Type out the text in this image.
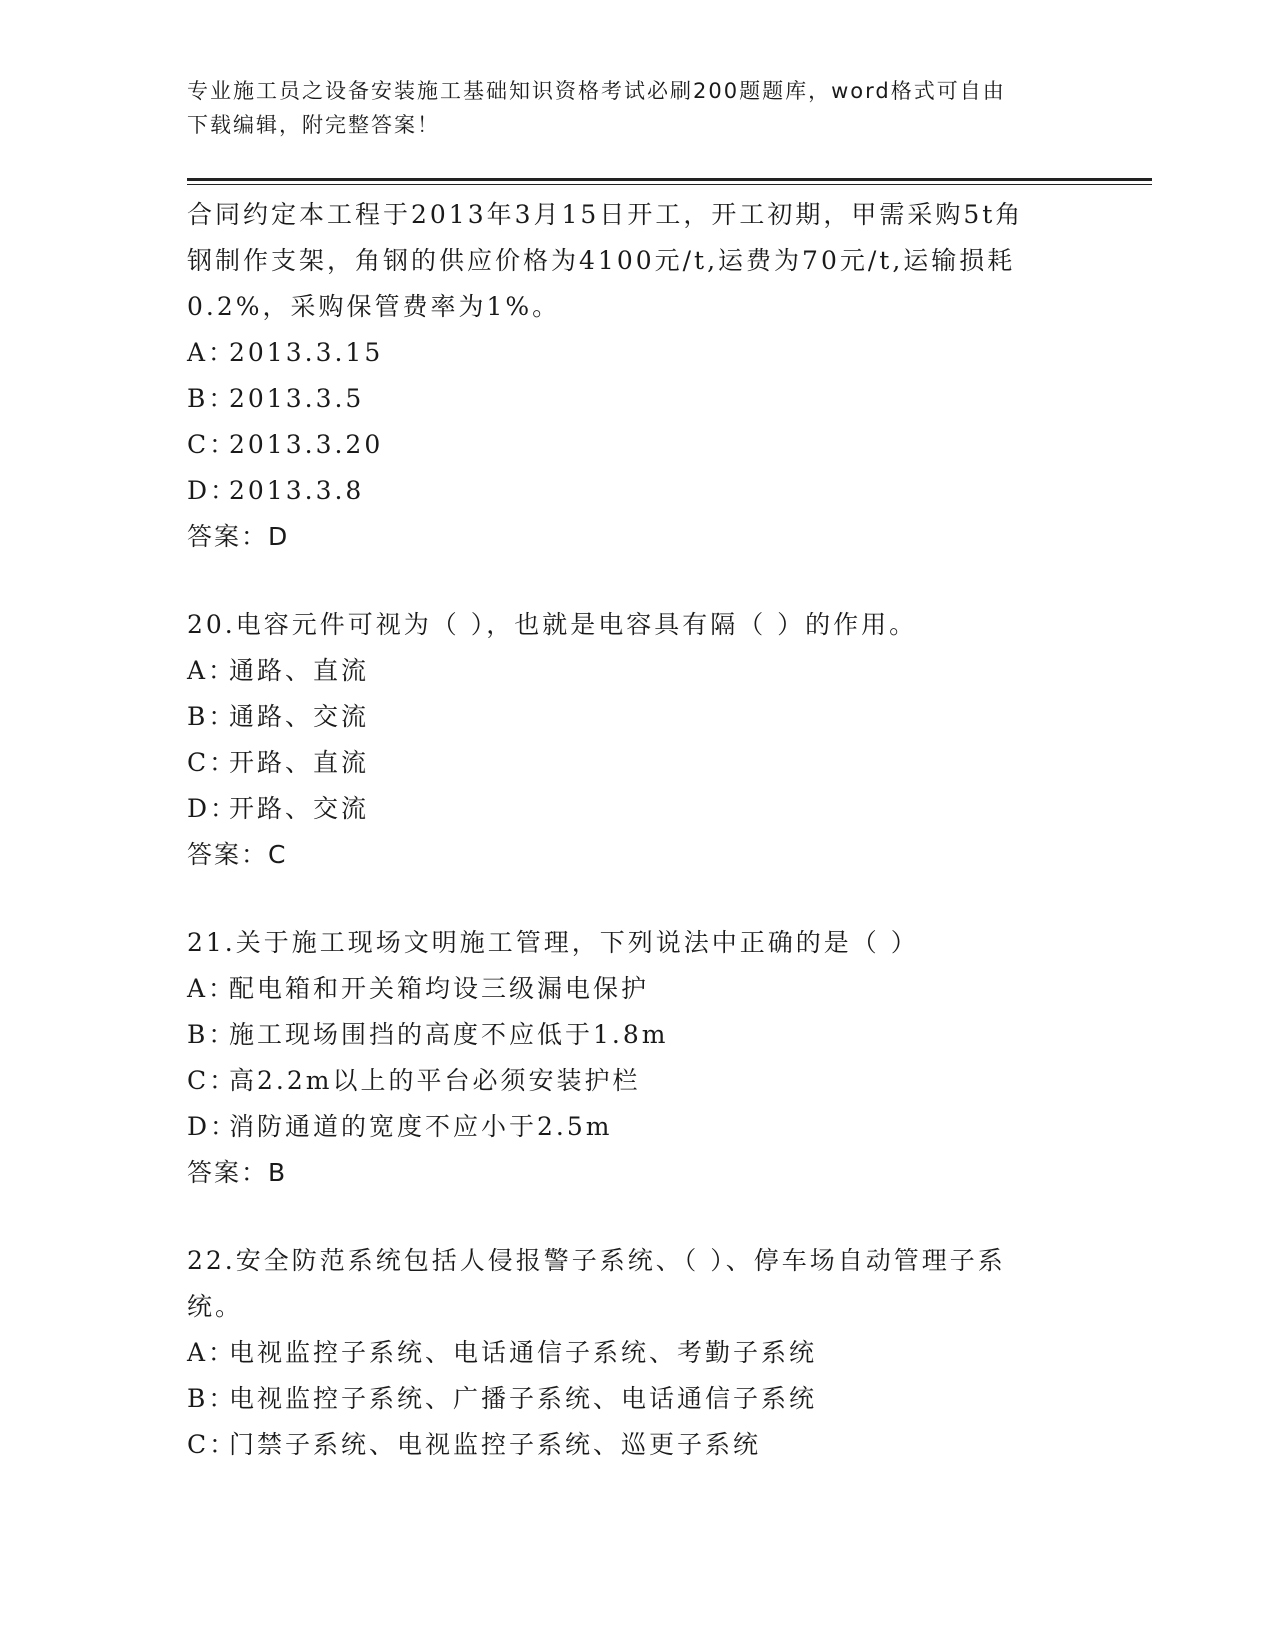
专业施工员之设备安装施工基础知识资格考试必刷200题题库，word格式可自由
下载编辑，附完整答案！
合同约定本工程于2013年3月15日开工，开工初期，甲需采购5t角
钢制作支架，角钢的供应价格为4100元/t,运费为70元/t,运输损耗
0.2%，采购保管费率为1%。
A：2013.3.15
B：2013.3.5
C：2013.3.20
D：2013.3.8
答案：D
20.电容元件可视为（ ），也就是电容具有隔（ ）的作用。
A：通路、直流
B：通路、交流
C：开路、直流
D：开路、交流
答案：C
21.关于施工现场文明施工管理，下列说法中正确的是（ ）
A：配电箱和开关箱均设三级漏电保护
B：施工现场围挡的高度不应低于1.8m
C：高2.2m以上的平台必须安装护栏
D：消防通道的宽度不应小于2.5m
答案：B
22.安全防范系统包括人侵报警子系统、（ ）、停车场自动管理子系
统。
A：电视监控子系统、电话通信子系统、考勤子系统
B：电视监控子系统、广播子系统、电话通信子系统
C：门禁子系统、电视监控子系统、巡更子系统
